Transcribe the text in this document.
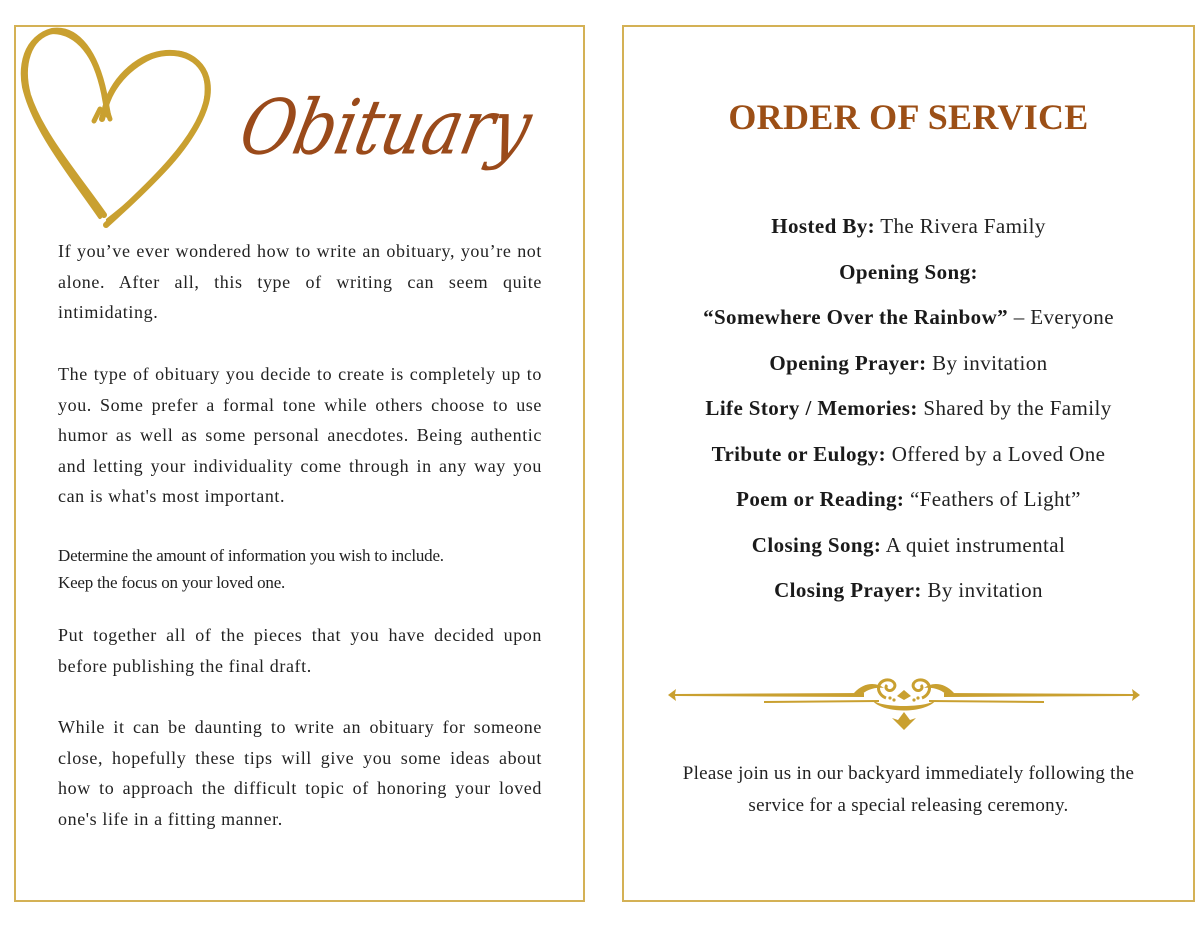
Obituary

If you’ve ever wondered how to write an obituary, you’re not alone. After all, this type of writing can seem quite intimidating.

The type of obituary you decide to create is completely up to you. Some prefer a formal tone while others choose to use humor as well as some personal anecdotes. Being authentic and letting your individuality come through in any way you can is what's most important.

Determine the amount of information you wish to include.

Keep the focus on your loved one.

Put together all of the pieces that you have decided upon before publishing the final draft.

While it can be daunting to write an obituary for someone close, hopefully these tips will give you some ideas about how to approach the difficult topic of honoring your loved one's life in a fitting manner.

ORDER OF SERVICE
Hosted By: The Rivera Family
Opening Song:
“Somewhere Over the Rainbow” – Everyone
Opening Prayer: By invitation
Life Story / Memories: Shared by the Family
Tribute or Eulogy: Offered by a Loved One
Poem or Reading: “Feathers of Light”
Closing Song: A quiet instrumental
Closing Prayer: By invitation
Please join us in our backyard immediately following the
service for a special releasing ceremony.
